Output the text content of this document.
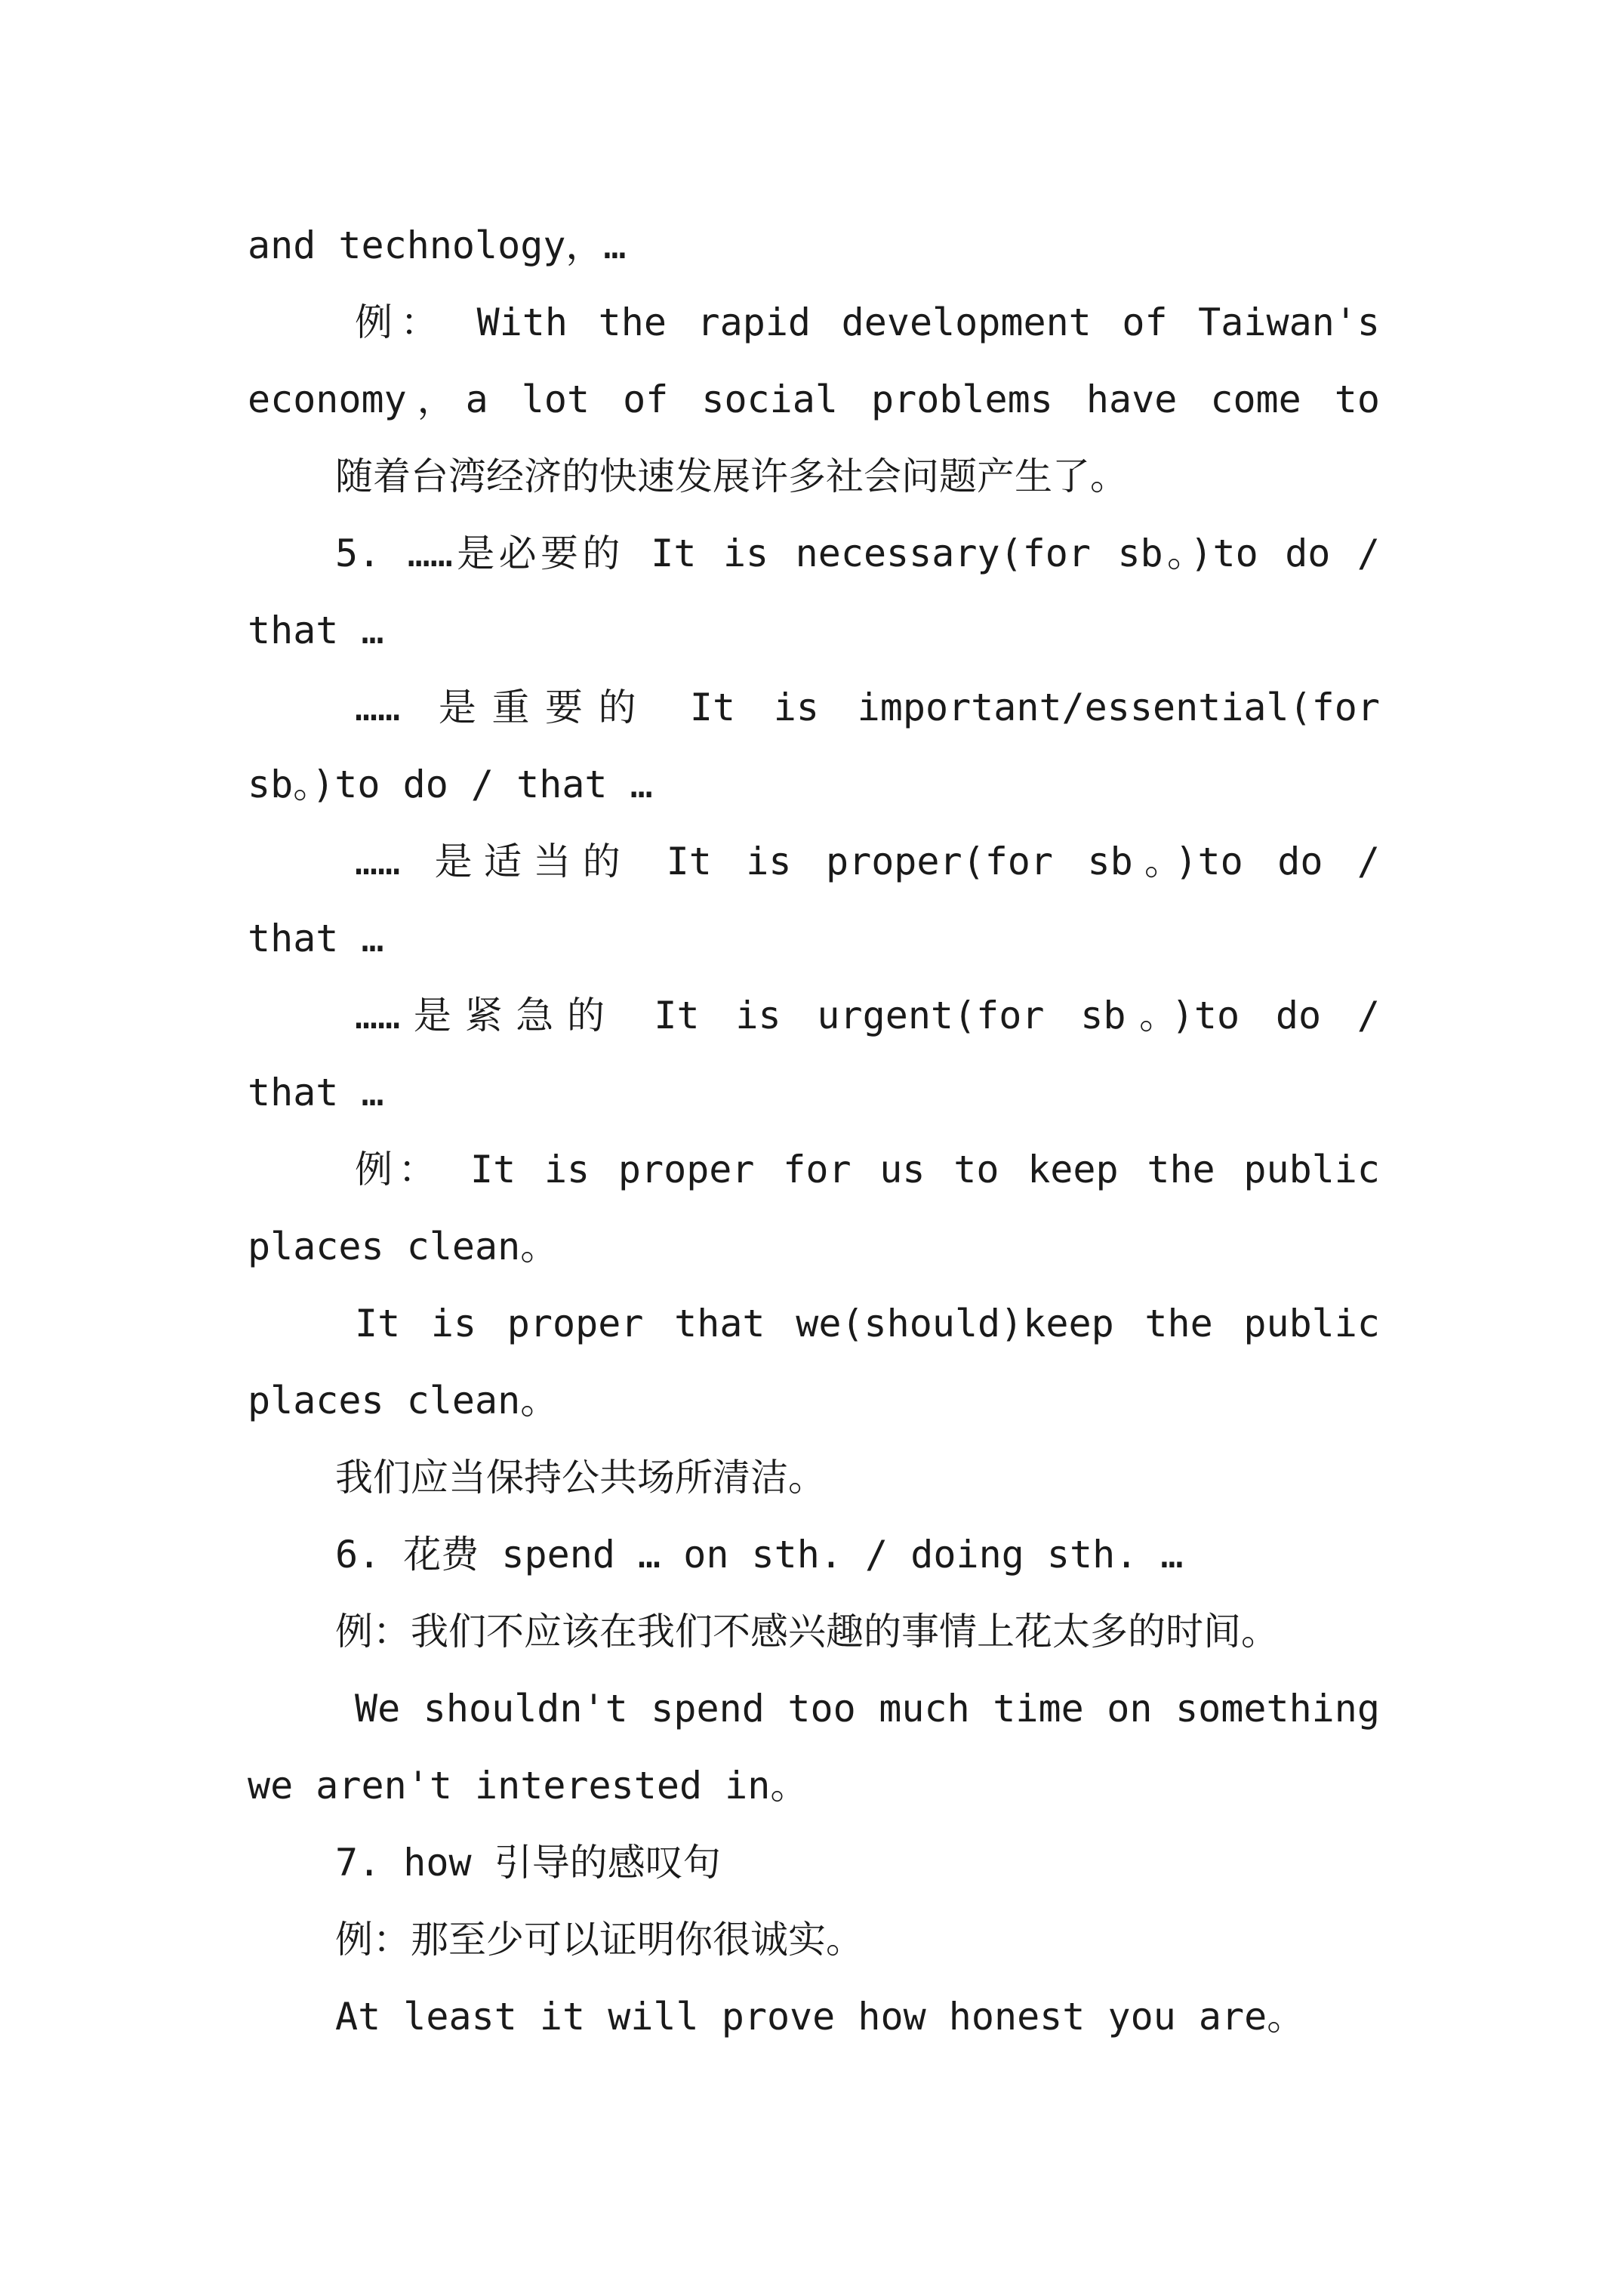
and technology，…
例： With the rapid development of Taiwan's
economy，a lot of social problems have come to
随着台湾经济的快速发展许多社会问题产生了。
5. ……是必要的 It is necessary(for sb。)to do /
that …
…… 是重要的 It is important/essential(for
sb。)to do / that …
…… 是适当的 It is proper(for sb。)to do /
that …
……是紧急的 It is urgent(for sb。)to do /
that …
例： It is proper for us to keep the public
places clean。
It is proper that we(should)keep the public
places clean。
我们应当保持公共场所清洁。
6. 花费 spend … on sth. / doing sth. …
例：我们不应该在我们不感兴趣的事情上花太多的时间。
We shouldn't spend too much time on something
we aren't interested in。
7. how 引导的感叹句
例：那至少可以证明你很诚实。
At least it will prove how honest you are。
